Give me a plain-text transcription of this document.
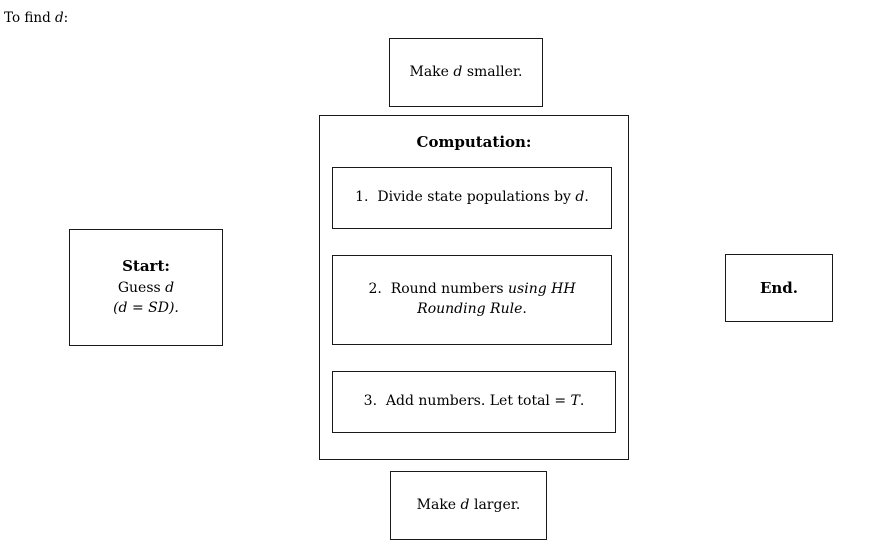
To find d:
Make d smaller.
Computation:
1. Divide state populations by d.
2. Round numbers using HH Rounding Rule.
3. Add numbers. Let total = T.
Start:
Guess d
(d = SD).
End.
Make d larger.
